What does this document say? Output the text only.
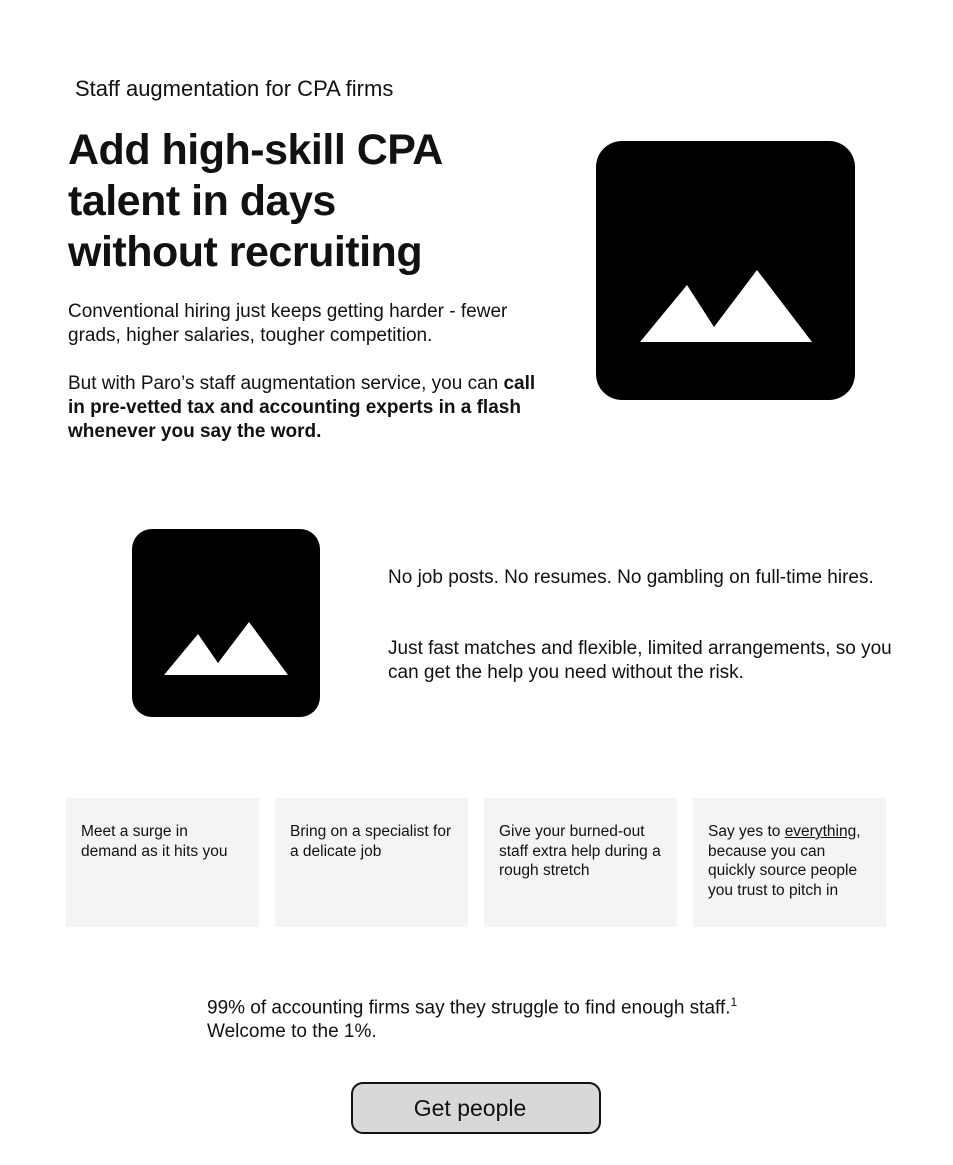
Staff augmentation for CPA firms
Add high-skill CPA
talent in days
without recruiting

Conventional hiring just keeps getting harder - fewer grads, higher salaries, tougher competition.

But with Paro’s staff augmentation service, you can call in pre-vetted tax and accounting experts in a flash whenever you say the word.

No job posts. No resumes. No gambling on full-time hires.

Just fast matches and flexible, limited arrangements, so you can get the help you need without the risk.

Meet a surge in demand as it hits you
Bring on a specialist for a delicate job
Give your burned-out staff extra help during a rough stretch
Say yes to everything, because you can quickly source people you trust to pitch in

99% of accounting firms say they struggle to find enough staff.$^1$ Welcome to the 1%.

Get people
